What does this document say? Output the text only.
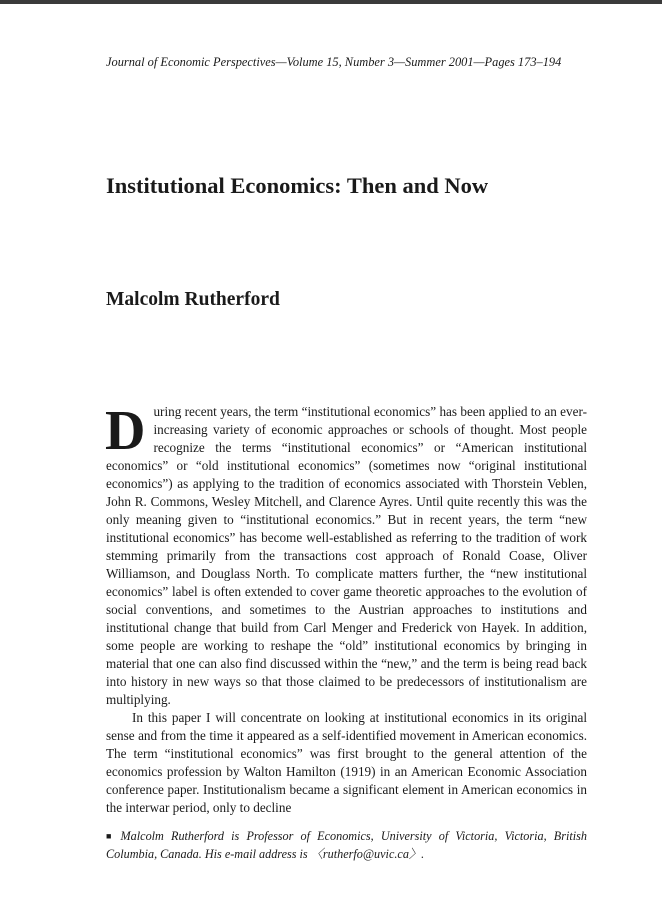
Journal of Economic Perspectives—Volume 15, Number 3—Summer 2001—Pages 173–194
Institutional Economics: Then and Now
Malcolm Rutherford

During recent years, the term “institutional economics” has been applied to an ever-increasing variety of economic approaches or schools of thought. Most people recognize the terms “institutional economics” or “American institutional economics” or “old institutional economics” (sometimes now “original institutional economics”) as applying to the tradition of economics associated with Thorstein Veblen, John R. Commons, Wesley Mitchell, and Clarence Ayres. Until quite recently this was the only meaning given to “institutional economics.” But in recent years, the term “new institutional economics” has become well-established as referring to the tradition of work stemming primarily from the transactions cost approach of Ronald Coase, Oliver Williamson, and Douglass North. To complicate matters further, the “new institutional economics” label is often extended to cover game theoretic approaches to the evolution of social conventions, and sometimes to the Austrian approaches to institutions and institutional change that build from Carl Menger and Frederick von Hayek. In addition, some people are working to reshape the “old” institutional economics by bringing in material that one can also find discussed within the “new,” and the term is being read back into history in new ways so that those claimed to be predecessors of institutionalism are multiplying.

In this paper I will concentrate on looking at institutional economics in its original sense and from the time it appeared as a self-identified movement in American economics. The term “institutional economics” was first brought to the general attention of the economics profession by Walton Hamilton (1919) in an American Economic Association conference paper. Institutionalism became a significant element in American economics in the interwar period, only to decline

■ Malcolm Rutherford is Professor of Economics, University of Victoria, Victoria, British Columbia, Canada. His e-mail address is 〈rutherfo@uvic.ca〉.
